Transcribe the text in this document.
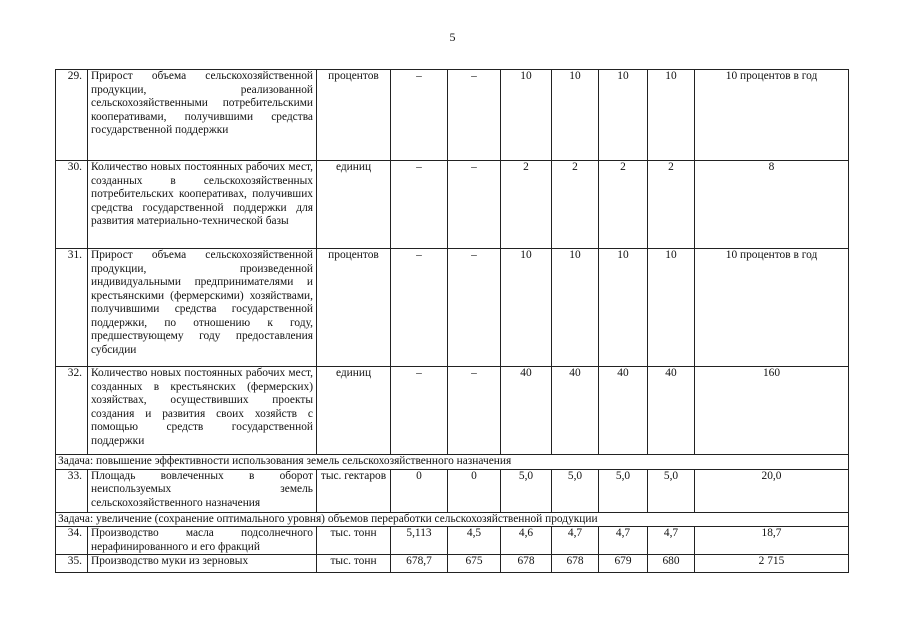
5
29.	Прирост объема сельскохозяйственной продукции, реализованной сельскохозяйственными потребительскими кооперативами, получившими средства государственной поддержки	процентов	–	–	10	10	10	10	10 процентов в год
30.	Количество новых постоянных рабочих мест, созданных в сельскохозяйственных потребительских кооперативах, получивших средства государственной поддержки для развития материально-технической базы	единиц	–	–	2	2	2	2	8
31.	Прирост объема сельскохозяйственной продукции, произведенной индивидуальными предпринимателями и крестьянскими (фермерскими) хозяйствами, получившими средства государственной поддержки, по отношению к году, предшествующему году предоставления субсидии	процентов	–	–	10	10	10	10	10 процентов в год
32.	Количество новых постоянных рабочих мест, созданных в крестьянских (фермерских) хозяйствах, осуществивших проекты создания и развития своих хозяйств с помощью средств государственной поддержки	единиц	–	–	40	40	40	40	160
Задача: повышение эффективности использования земель сельскохозяйственного назначения									
33.	Площадь вовлеченных в оборот неиспользуемых земель сельскохозяйственного назначения	тыс. гектаров	0	0	5,0	5,0	5,0	5,0	20,0
Задача: увеличение (сохранение оптимального уровня) объемов переработки сельскохозяйственной продукции									
34.	Производство масла подсолнечного нерафинированного и его фракций	тыс. тонн	5,113	4,5	4,6	4,7	4,7	4,7	18,7
35.	Производство муки из зерновых	тыс. тонн	678,7	675	678	678	679	680	2 715
